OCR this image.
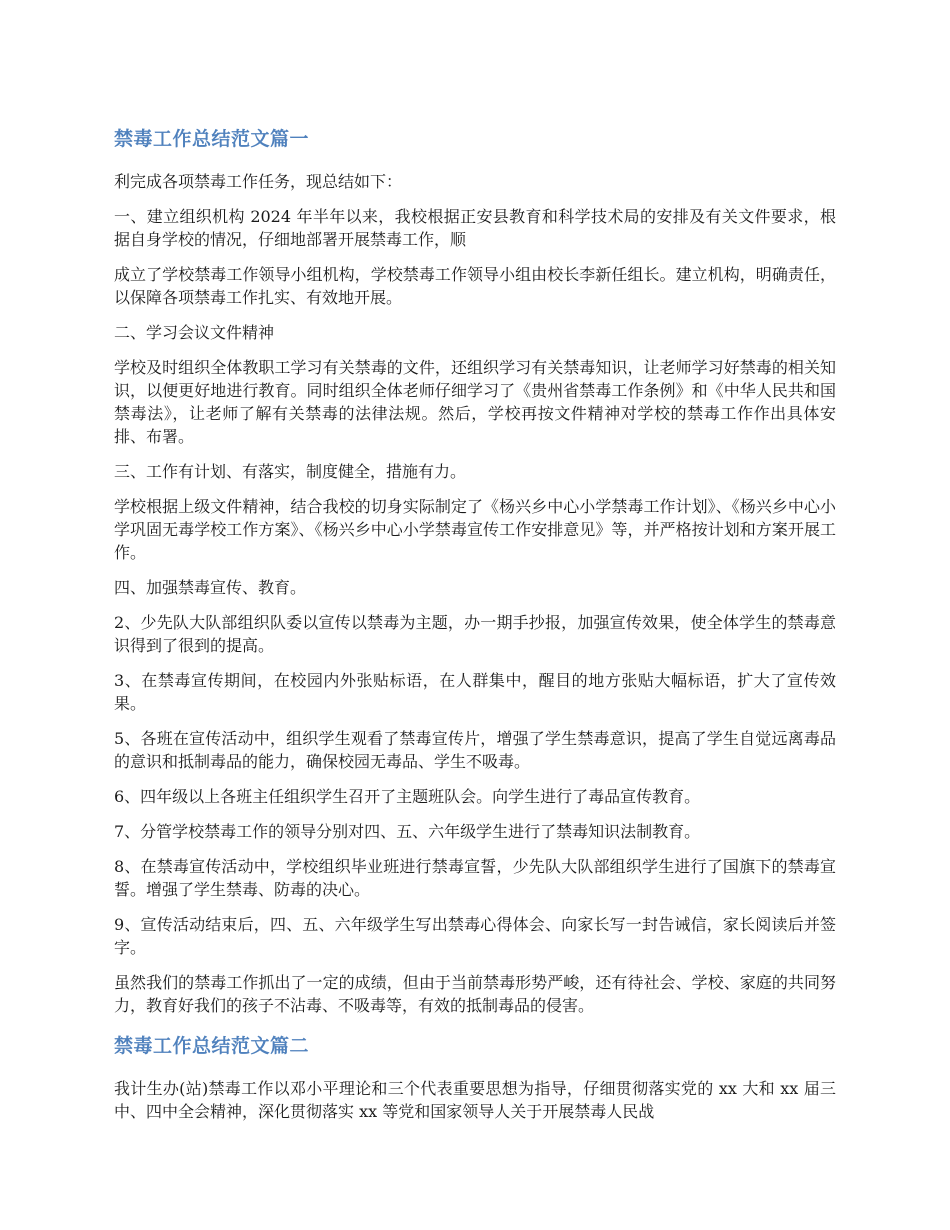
禁毒工作总结范文篇一

利完成各项禁毒工作任务，现总结如下：

一、建立组织机构 2024 年半年以来，我校根据正安县教育和科学技术局的安排及有关文件要求，根据自身学校的情况，仔细地部署开展禁毒工作，顺

成立了学校禁毒工作领导小组机构，学校禁毒工作领导小组由校长李新任组长。建立机构，明确责任，以保障各项禁毒工作扎实、有效地开展。

二、学习会议文件精神

学校及时组织全体教职工学习有关禁毒的文件，还组织学习有关禁毒知识，让老师学习好禁毒的相关知识，以便更好地进行教育。同时组织全体老师仔细学习了《贵州省禁毒工作条例》和《中华人民共和国禁毒法》，让老师了解有关禁毒的法律法规。然后，学校再按文件精神对学校的禁毒工作作出具体安排、布署。

三、工作有计划、有落实，制度健全，措施有力。

学校根据上级文件精神，结合我校的切身实际制定了《杨兴乡中心小学禁毒工作计划》、《杨兴乡中心小学巩固无毒学校工作方案》、《杨兴乡中心小学禁毒宣传工作安排意见》等，并严格按计划和方案开展工作。

四、加强禁毒宣传、教育。

2、少先队大队部组织队委以宣传以禁毒为主题，办一期手抄报，加强宣传效果，使全体学生的禁毒意识得到了很到的提高。

3、在禁毒宣传期间，在校园内外张贴标语，在人群集中，醒目的地方张贴大幅标语，扩大了宣传效果。

5、各班在宣传活动中，组织学生观看了禁毒宣传片，增强了学生禁毒意识，提高了学生自觉远离毒品的意识和抵制毒品的能力，确保校园无毒品、学生不吸毒。

6、四年级以上各班主任组织学生召开了主题班队会。向学生进行了毒品宣传教育。

7、分管学校禁毒工作的领导分别对四、五、六年级学生进行了禁毒知识法制教育。

8、在禁毒宣传活动中，学校组织毕业班进行禁毒宣誓，少先队大队部组织学生进行了国旗下的禁毒宣誓。增强了学生禁毒、防毒的决心。

9、宣传活动结束后，四、五、六年级学生写出禁毒心得体会、向家长写一封告诫信，家长阅读后并签字。

虽然我们的禁毒工作抓出了一定的成绩，但由于当前禁毒形势严峻，还有待社会、学校、家庭的共同努力，教育好我们的孩子不沾毒、不吸毒等，有效的抵制毒品的侵害。

禁毒工作总结范文篇二

我计生办(站)禁毒工作以邓小平理论和三个代表重要思想为指导，仔细贯彻落实党的 xx 大和 xx 届三中、四中全会精神，深化贯彻落实 xx 等党和国家领导人关于开展禁毒人民战
